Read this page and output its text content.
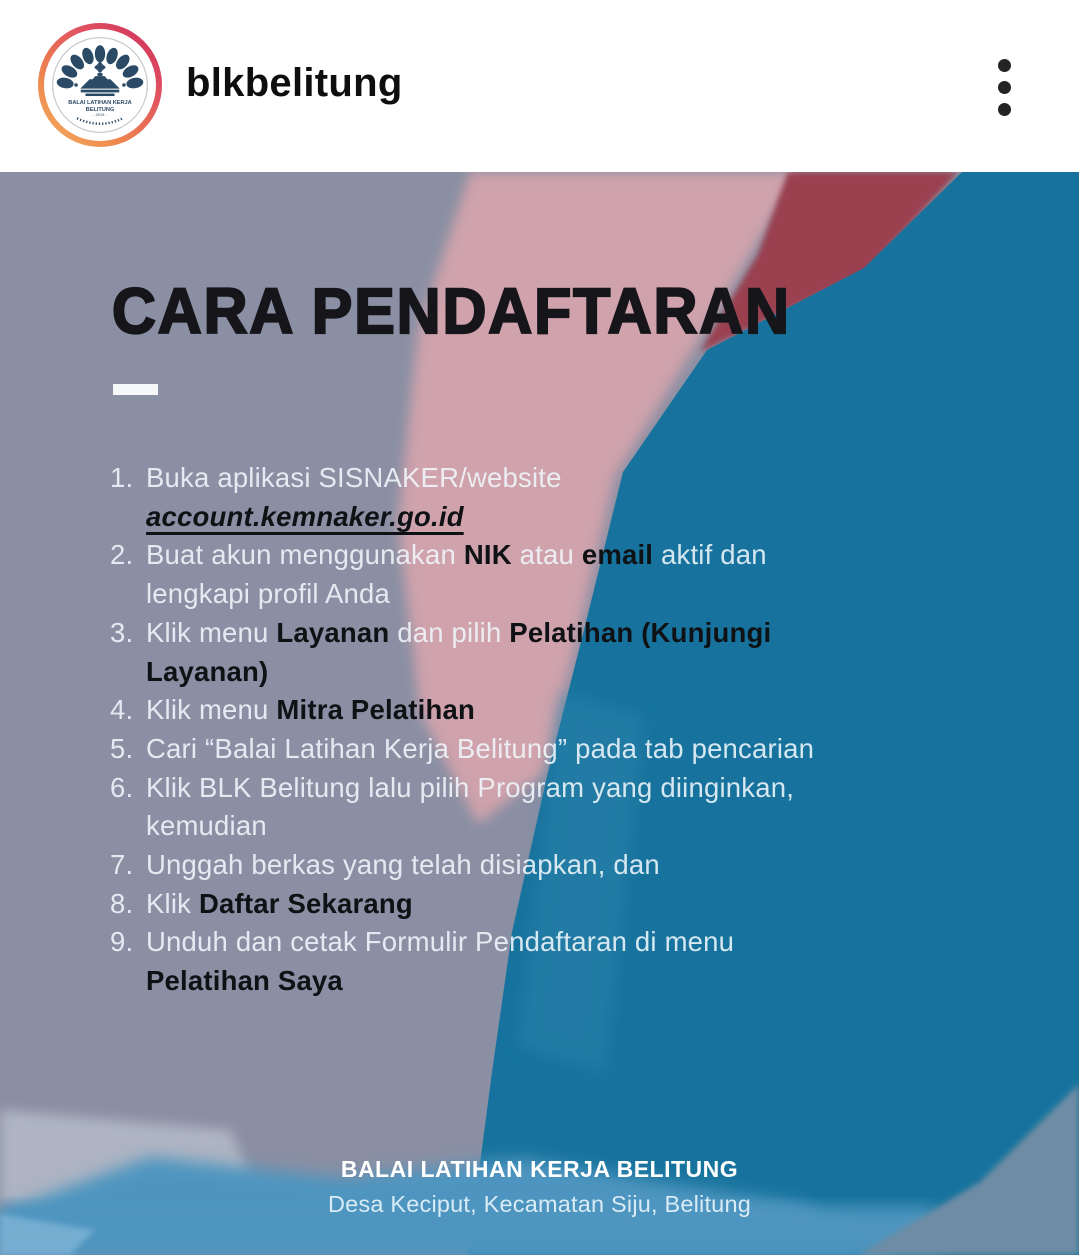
BALAI LATIHAN KERJA
BELITUNG
- 2019 -
blkbelitung
CARA PENDAFTARAN
1. Buka aplikasi SISNAKER/website
account.kemnaker.go.id
2. Buat akun menggunakan NIK atau email aktif dan
lengkapi profil Anda
3. Klik menu Layanan dan pilih Pelatihan (Kunjungi
Layanan)
4. Klik menu Mitra Pelatihan
5. Cari “Balai Latihan Kerja Belitung” pada tab pencarian
6. Klik BLK Belitung lalu pilih Program yang diinginkan,
kemudian
7. Unggah berkas yang telah disiapkan, dan
8. Klik Daftar Sekarang
9. Unduh dan cetak Formulir Pendaftaran di menu
Pelatihan Saya
BALAI LATIHAN KERJA BELITUNG
Desa Keciput, Kecamatan Siju, Belitung
